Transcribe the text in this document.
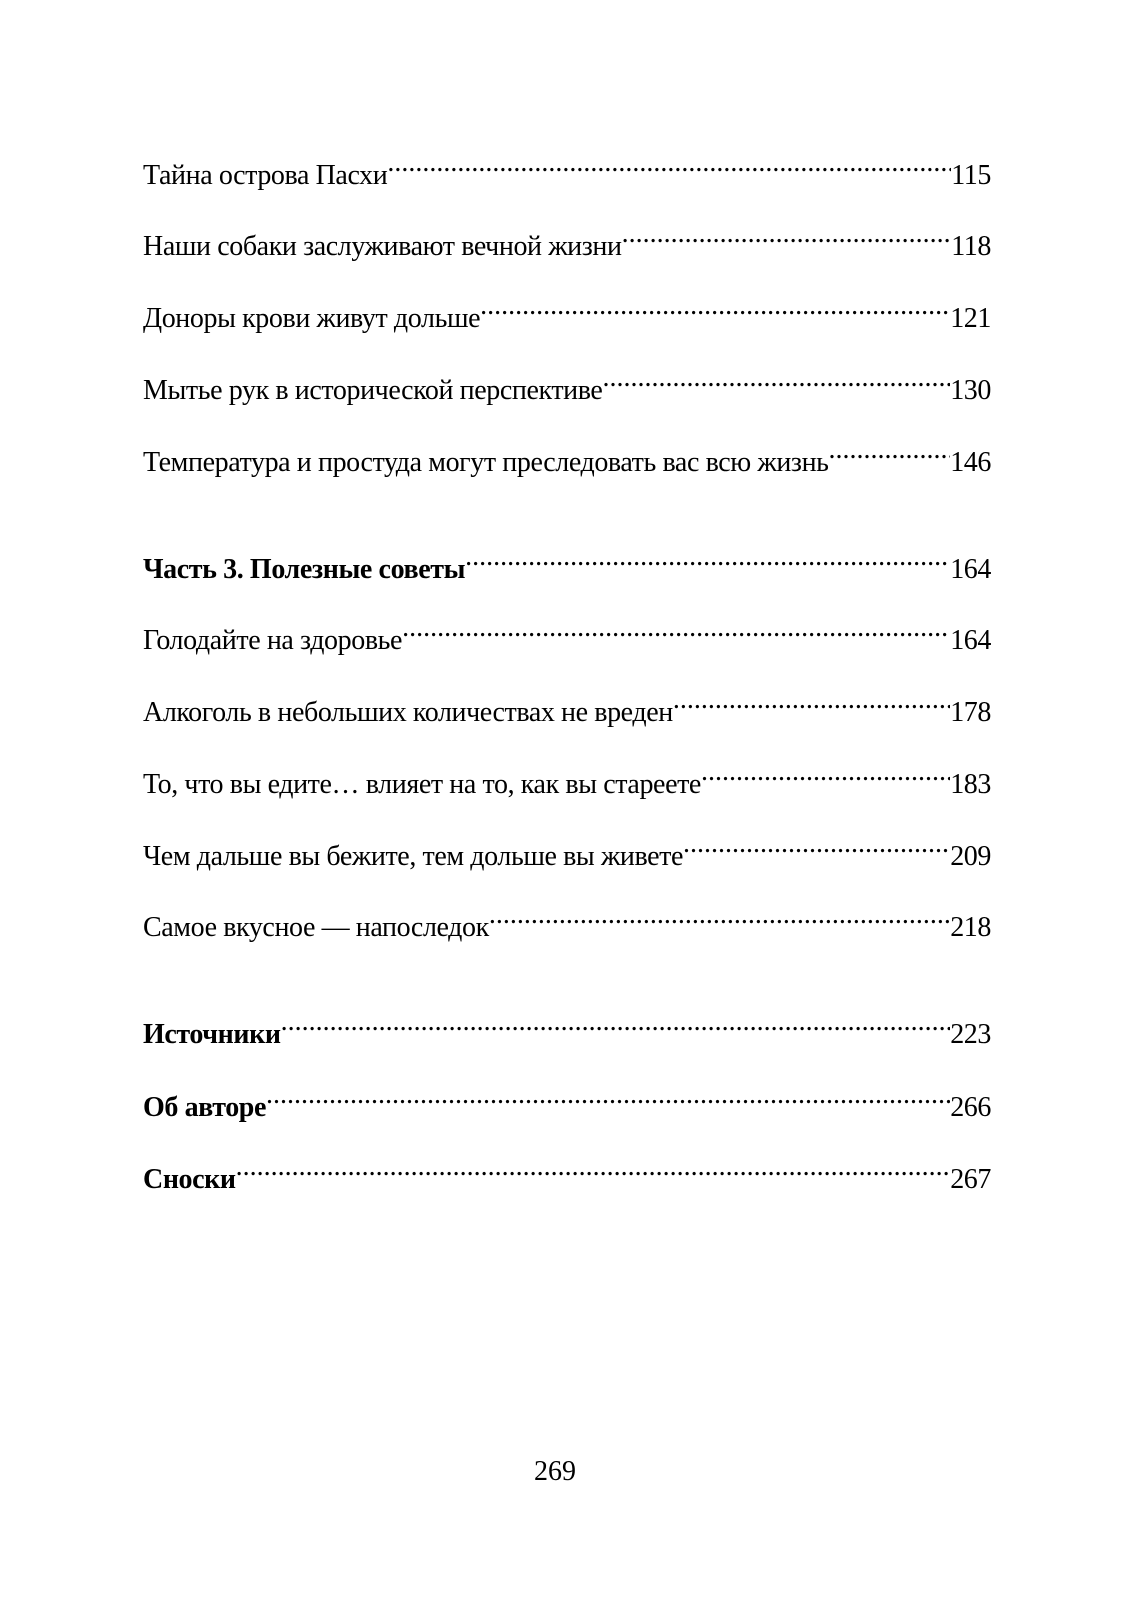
Тайна острова Пасхи .....	115
Наши собаки заслуживают вечной жизни .....	118
Доноры крови живут дольше .....	121
Мытье рук в исторической перспективе .....	130
Температура и простуда могут преследовать вас всю жизнь .....	146
Часть 3. Полезные советы .....	164
Голодайте на здоровье .....	164
Алкоголь в небольших количествах не вреден .....	178
То, что вы едите… влияет на то, как вы стареете .....	183
Чем дальше вы бежите, тем дольше вы живете .....	209
Самое вкусное — напоследок .....	218
Источники .....	223
Об авторе .....	266
Сноски .....	267
269
